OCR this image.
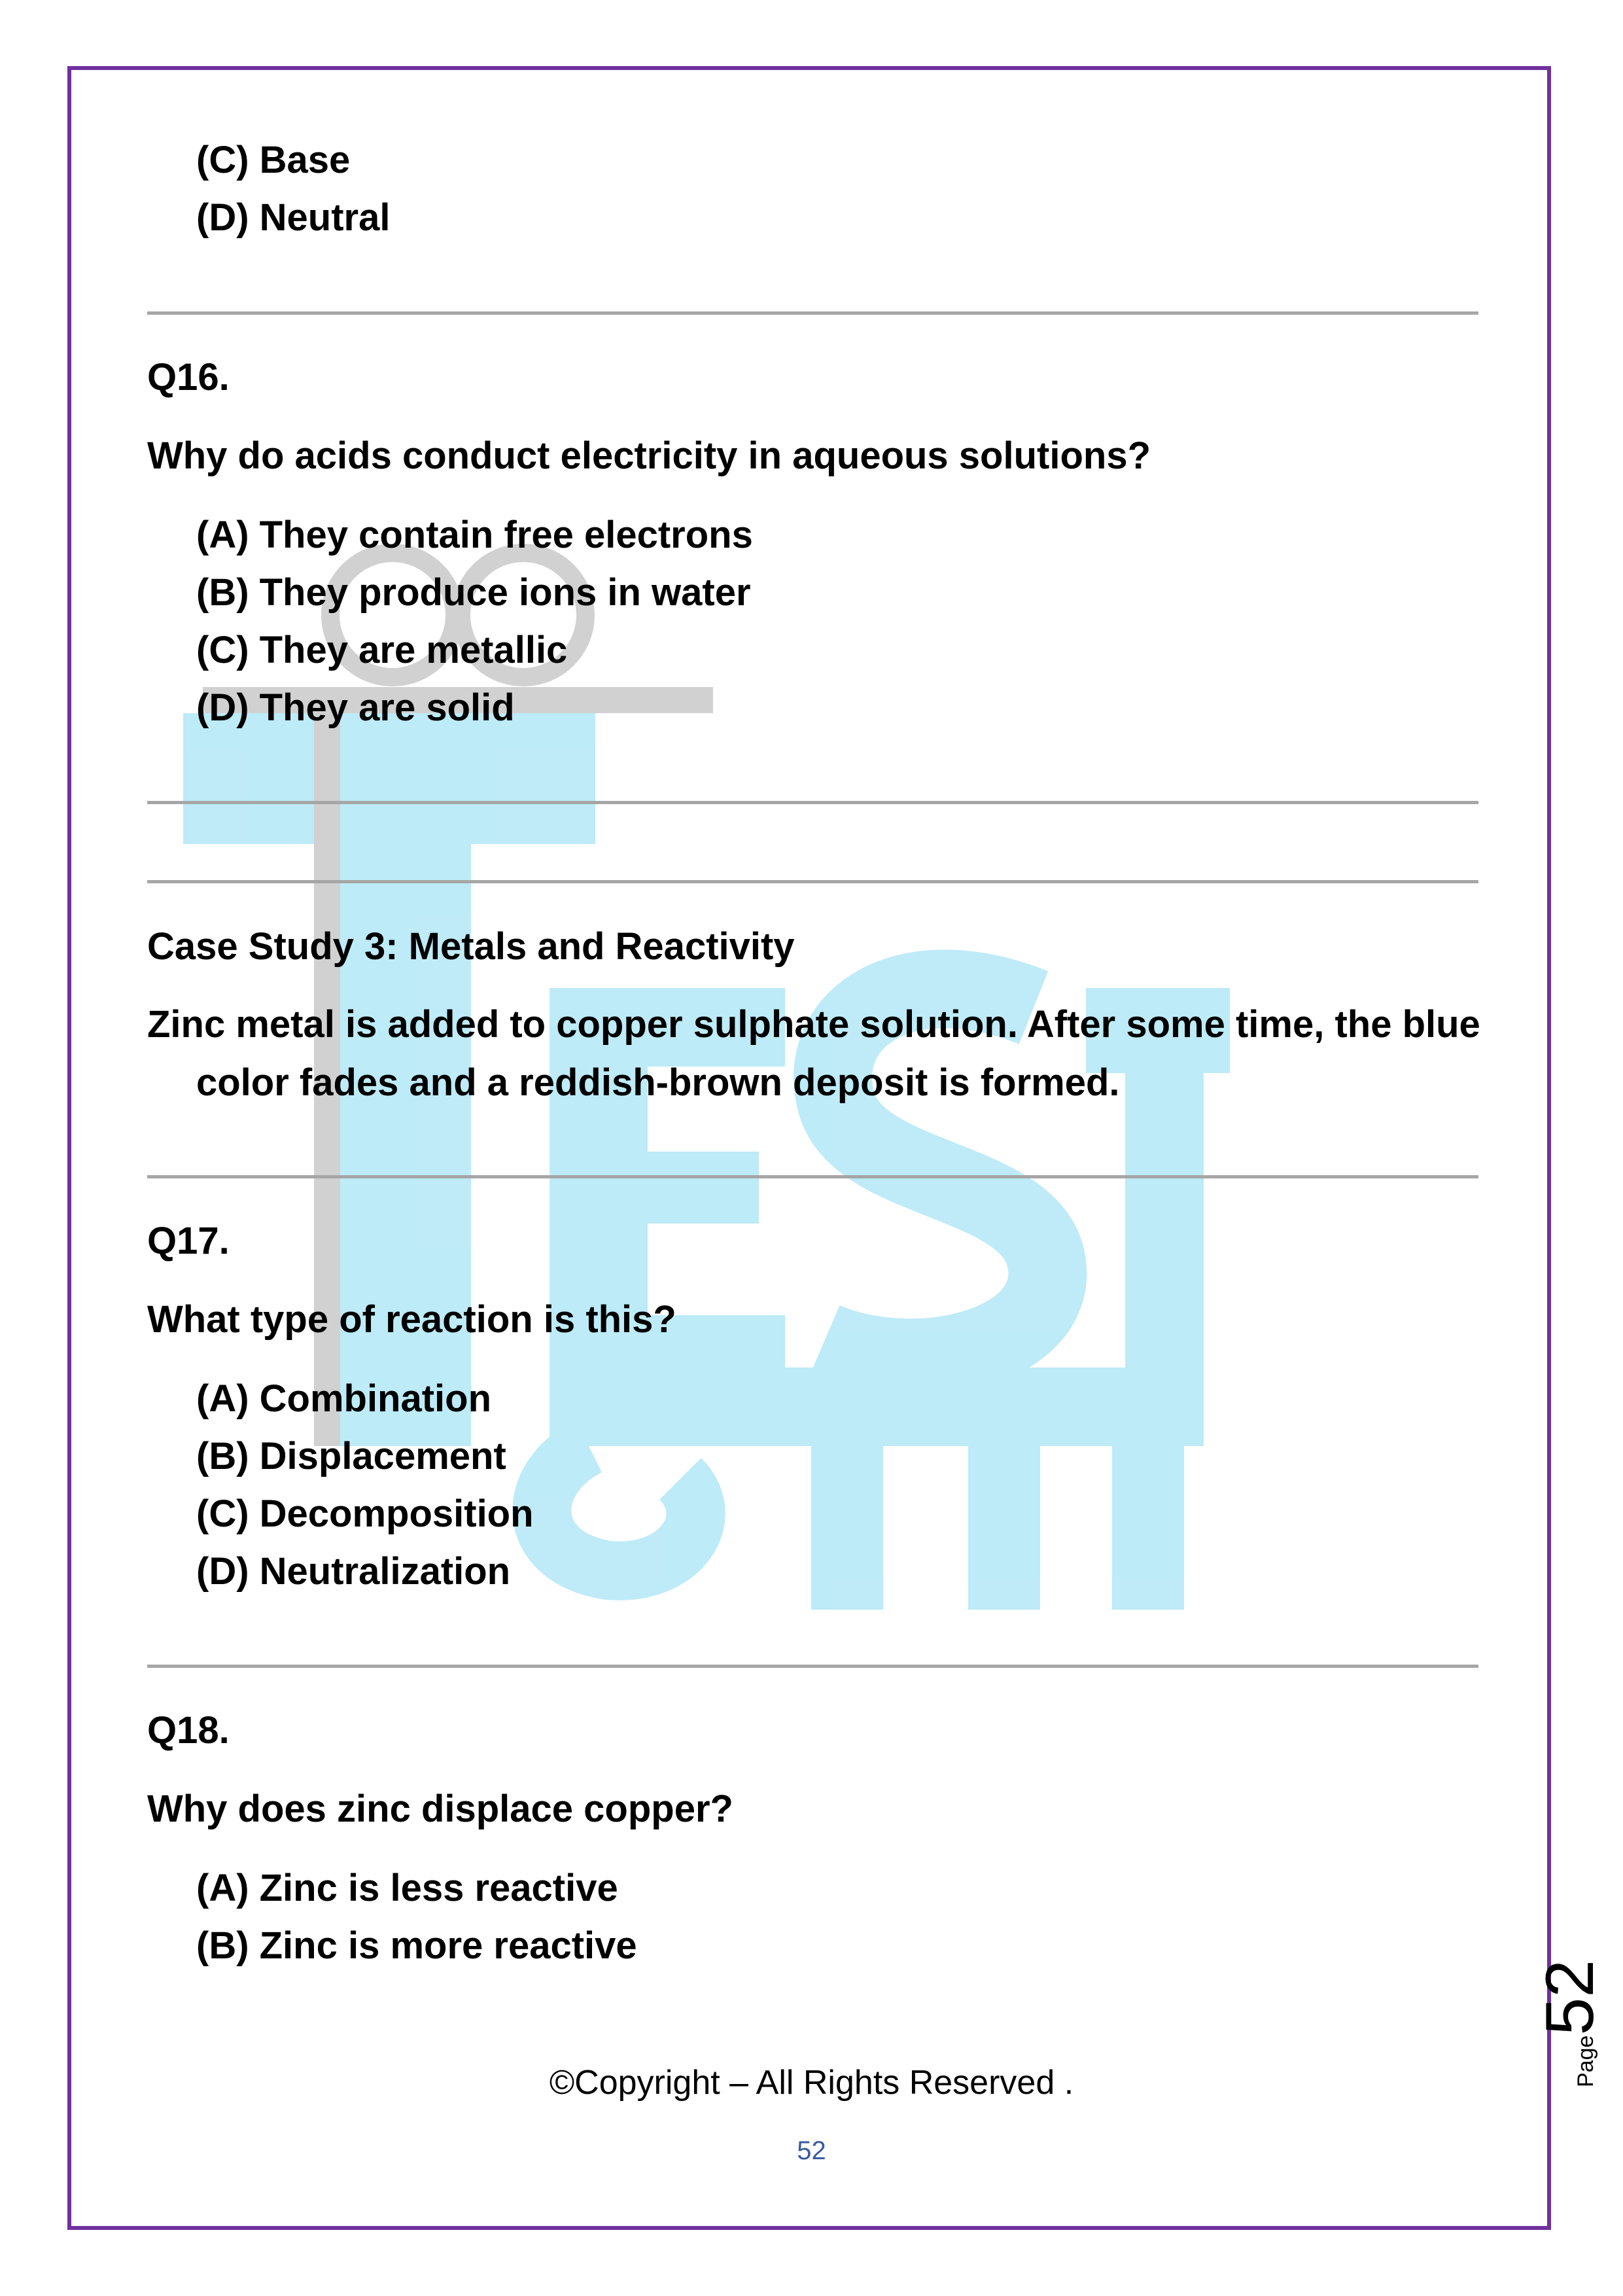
(C) Base
(D) Neutral
Q16.
Why do acids conduct electricity in aqueous solutions?
(A) They contain free electrons
(B) They produce ions in water
(C) They are metallic
(D) They are solid
Case Study 3: Metals and Reactivity
Zinc metal is added to copper sulphate solution. After some time, the blue
color fades and a reddish-brown deposit is formed.
Q17.
What type of reaction is this?
(A) Combination
(B) Displacement
(C) Decomposition
(D) Neutralization
Q18.
Why does zinc displace copper?
(A) Zinc is less reactive
(B) Zinc is more reactive
©Copyright – All Rights Reserved .
52
Page52
